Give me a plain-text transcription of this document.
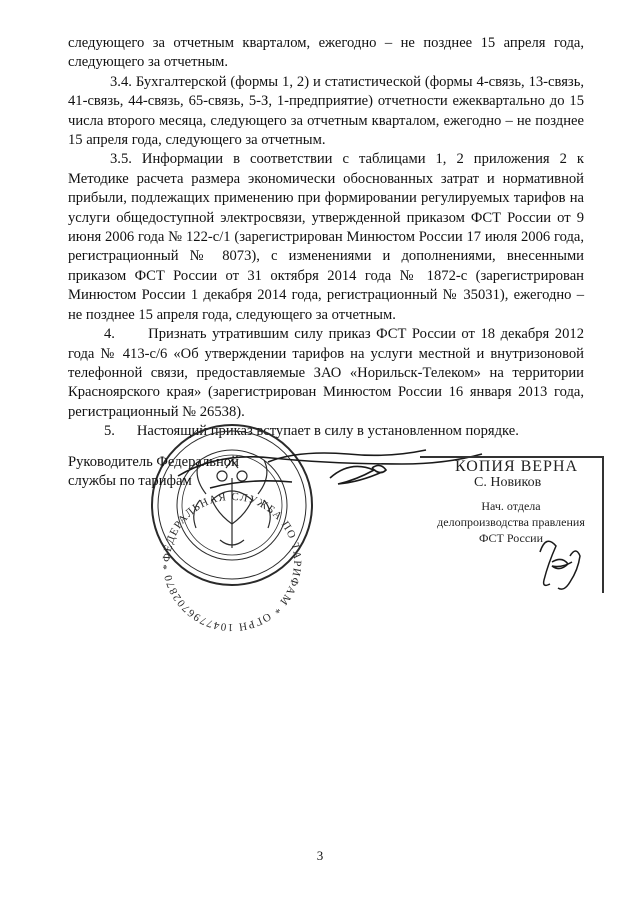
следующего за отчетным кварталом, ежегодно – не позднее 15 апреля года, следующего за отчетным.

3.4. Бухгалтерской (формы 1, 2) и статистической (формы 4-связь, 13-связь, 41-связь, 44-связь, 65-связь, 5-З, 1-предприятие) отчетности ежеквартально до 15 числа второго месяца, следующего за отчетным кварталом, ежегодно – не позднее 15 апреля года, следующего за отчетным.

3.5. Информации в соответствии с таблицами 1, 2 приложения 2 к Методике расчета размера экономически обоснованных затрат и нормативной прибыли, подлежащих применению при формировании регулируемых тарифов на услуги общедоступной электросвязи, утвержденной приказом ФСТ России от 9 июня 2006 года № 122-с/1 (зарегистрирован Минюстом России 17 июля 2006 года, регистрационный № 8073), с изменениями и дополнениями, внесенными приказом ФСТ России от 31 октября 2014 года № 1872-с (зарегистрирован Минюстом России 1 декабря 2014 года, регистрационный № 35031), ежегодно – не позднее 15 апреля года, следующего за отчетным.

4.      Признать утратившим силу приказ ФСТ России от 18 декабря 2012 года № 413-с/6 «Об утверждении тарифов на услуги местной и внутризоновой телефонной связи, предоставляемые ЗАО «Норильск-Телеком» на территории Красноярского края» (зарегистрирован Минюстом России 16 января 2013 года, регистрационный № 26538).

5.      Настоящий приказ вступает в силу в установленном порядке.

ФЕДЕРАЛЬНАЯ СЛУЖБА ПО ТАРИФАМ * ОГРН 1047796702870 *
Руководитель Федеральной
службы по тарифам
КОПИЯ ВЕРНА
С. Новиков
Нач. отдела
делопроизводства правления
ФСТ России
3
